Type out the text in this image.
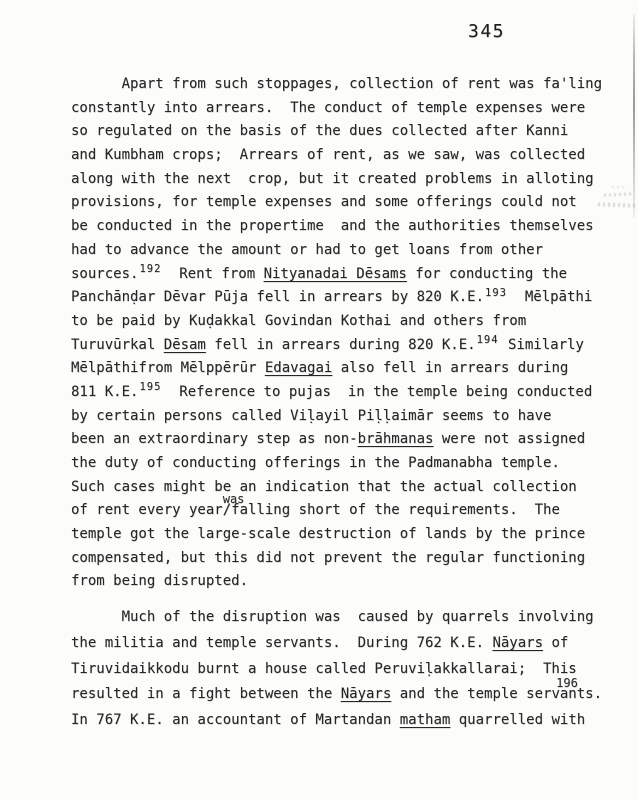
345
Apart from such stoppages, collection of rent was fa'ling
constantly into arrears.  The conduct of temple expenses were
so regulated on the basis of the dues collected after Kanni
and Kumbham crops;  Arrears of rent, as we saw, was collected
along with the next  crop, but it created problems in alloting
provisions, for temple expenses and some offerings could not
be conducted in the propertime  and the authorities themselves
had to advance the amount or had to get loans from other
sources.$^{192}$  Rent from Nityanadai Dēsams for conducting the
Panchānḍar Dēvar Pūja fell in arrears by 820 K.E.$^{193}$  Mēlpāthi
to be paid by Kuḍakkal Govindan Kothai and others from
Turuvūrkal Dēsam fell in arrears during 820 K.E.$^{194}$ Similarly
Mēlpāthifrom Mēlppērūr Edavagai also fell in arrears during
811 K.E.$^{195}$  Reference to pujas  in the temple being conducted
by certain persons called Viḷayil Piḷḷaimār seems to have
been an extraordinary step as non-brāhmanas were not assigned
the duty of conducting offerings in the Padmanabha temple.
Such cases might be an indication that the actual collection
of rent every year
was
/falling short of the requirements.  The
temple got the large-scale destruction of lands by the prince
compensated, but this did not prevent the regular functioning
from being disrupted.
Much of the disruption was  caused by quarrels involving
the militia and temple servants.  During 762 K.E. Nāyars of
Tiruvidaikkodu burnt a house called Peruviḷakkallarai;  This
resulted in a fight between the Nāyars and the temple
196
servants.
In 767 K.E. an accountant of Martandan matham quarrelled with
